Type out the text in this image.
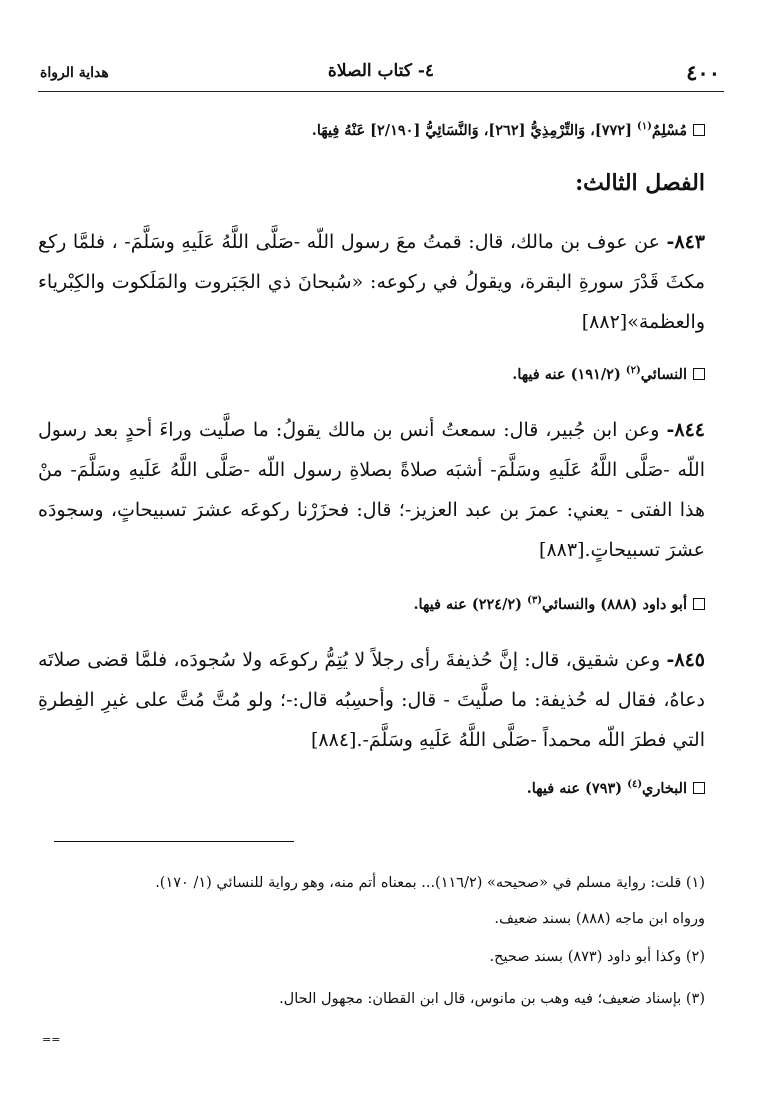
٤٠٠
٤- كتاب الصلاة
هداية الرواة
مُسْلِمٌ$^{(١)}$ [٧٧٢]، وَالتِّرْمِذِيُّ [٢٦٢]، وَالنَّسَائِيُّ [٢/١٩٠] عَنْهُ فِيهَا.
الفصل الثالث:
٨٤٣- عن عوف بن مالك، قال: قمتُ معَ رسول اللّه -صَلَّى اللَّهُ عَلَيهِ وسَلَّمَ- ، فلمَّا ركع مكثَ قَدْرَ سورةِ البقرة، ويقولُ في ركوعه: «سُبحانَ ذي الجَبَروت والمَلَكوت والكِبْرياء والعظمة»[٨٨٢]
النسائي$^{(٢)}$ (١٩١/٢) عنه فيها.
٨٤٤- وعن ابن جُبير، قال: سمعتُ أنس بن مالك يقولُ: ما صلَّيت وراءَ أحدٍ بعد رسول اللّه -صَلَّى اللَّهُ عَلَيهِ وسَلَّمَ- أشبَه صلاةً بصلاةِ رسول اللّه -صَلَّى اللَّهُ عَلَيهِ وسَلَّمَ- منْ هذا الفتى - يعني: عمرَ بن عبد العزيز-؛ قال: فحزَرْنا ركوعَه عشرَ تسبيحاتٍ، وسجودَه عشرَ تسبيحاتٍ.[٨٨٣]
أبو داود (٨٨٨) والنسائي$^{(٣)}$ (٢٢٤/٢) عنه فيها.
٨٤٥- وعن شقيق، قال: إنَّ حُذيفةَ رأى رجلاً لا يُتِمُّ ركوعَه ولا سُجودَه، فلمَّا قضى صلاتَه دعاهُ، فقال له حُذيفة: ما صلَّيتَ - قال: وأحسِبُه قال:-؛ ولو مُتَّ مُتَّ على غيرِ الفِطرةِ التي فطرَ اللّه محمداً -صَلَّى اللَّهُ عَلَيهِ وسَلَّمَ-.[٨٨٤]
البخاري$^{(٤)}$ (٧٩٣) عنه فيها.
(١) قلت: رواية مسلم في «صحيحه» (١١٦/٢)... بمعناه أتم منه، وهو رواية للنسائي (١/ ١٧٠).
ورواه ابن ماجه (٨٨٨) بسند ضعيف.
(٢) وكذا أبو داود (٨٧٣) بسند صحيح.
(٣) بإسناد ضعيف؛ فيه وهب بن مانوس، قال ابن القطان: مجهول الحال.
==
